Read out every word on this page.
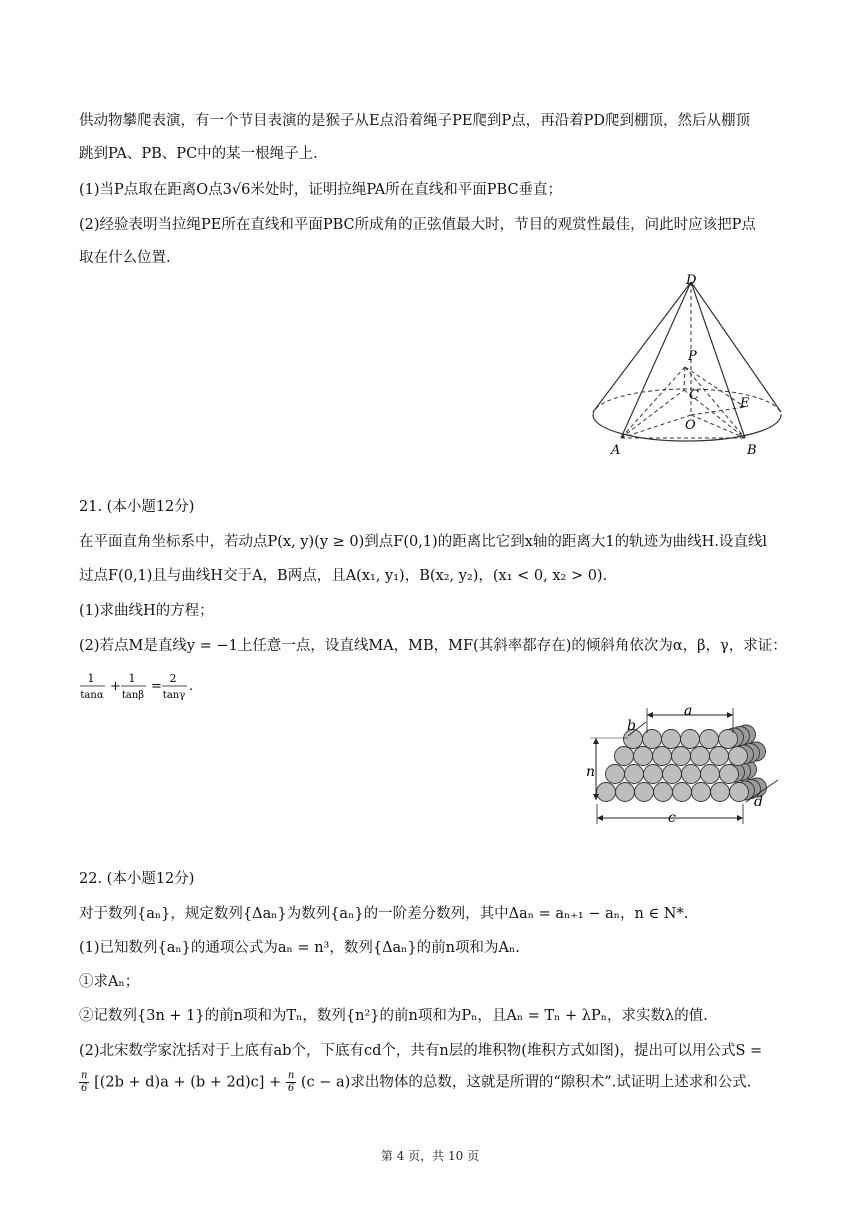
供动物攀爬表演，有一个节目表演的是猴子从E点沿着绳子PE爬到P点，再沿着PD爬到棚顶，然后从棚顶
跳到PA、PB、PC中的某一根绳子上.
(1)当P点取在距离O点3√6米处时，证明拉绳PA所在直线和平面PBC垂直；
(2)经验表明当拉绳PE所在直线和平面PBC所成角的正弦值最大时，节目的观赏性最佳，问此时应该把P点
取在什么位置.
D
P
C
E
O
A	B
21. (本小题12分)
在平面直角坐标系中，若动点P(x, y)(y ≥ 0)到点F(0,1)的距离比它到x轴的距离大1的轨迹为曲线H.设直线l
过点F(0,1)且与曲线H交于A，B两点，且A(x₁, y₁)，B(x₂, y₂)，(x₁ < 0, x₂ > 0).
(1)求曲线H的方程；
(2)若点M是直线y = −1上任意一点，设直线MA，MB，MF(其斜率都存在)的倾斜角依次为α，β，γ，求证：
1
tanα
+
1
tanβ
=
2
tanγ
.
a
b
n
c
d
22. (本小题12分)
对于数列{aₙ}，规定数列{Δaₙ}为数列{aₙ}的一阶差分数列，其中Δaₙ = aₙ₊₁ − aₙ，n ∈ N*.
(1)已知数列{aₙ}的通项公式为aₙ = n³，数列{Δaₙ}的前n项和为Aₙ.
①求Aₙ；
②记数列{3n + 1}的前n项和为Tₙ，数列{n²}的前n项和为Pₙ，且Aₙ = Tₙ + λPₙ，求实数λ的值.
(2)北宋数学家沈括对于上底有ab个，下底有cd个，共有n层的堆积物(堆积方式如图)，提出可以用公式S =
$\frac{n}{6} [(2b + d)a + (b + 2d)c] + \frac{n}{6} (c - a)$求出物体的总数，这就是所谓的“隙积术”.试证明上述求和公式.
第 4 页，共 10 页
